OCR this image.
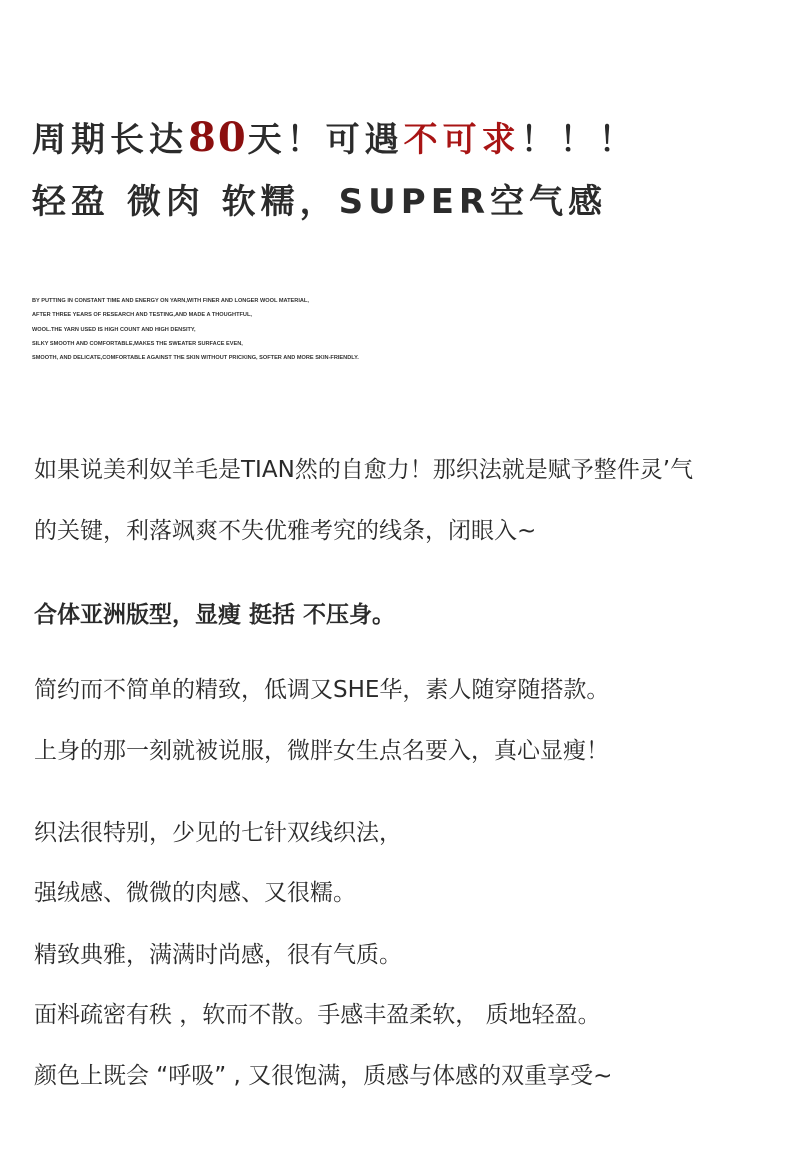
周期长达80天！可遇不可求！！！
轻盈 微肉 软糯，SUPER空气感
BY PUTTING IN CONSTANT TIME AND ENERGY ON YARN,WITH FINER AND LONGER WOOL MATERIAL,
AFTER THREE YEARS OF RESEARCH AND TESTING,AND MADE A THOUGHTFUL,
WOOL.THE YARN USED IS HIGH COUNT AND HIGH DENSITY,
SILKY SMOOTH AND COMFORTABLE,MAKES THE SWEATER SURFACE EVEN,
SMOOTH, AND DELICATE,COMFORTABLE AGAINST THE SKIN WITHOUT PRICKING, SOFTER AND MORE SKIN-FRIENDLY.
如果说美利奴羊毛是TIAN然的自愈力！那织法就是赋予整件灵’气
的关键，利落飒爽不失优雅考究的线条，闭眼入~
合体亚洲版型，显瘦 挺括 不压身。
简约而不简单的精致，低调又SHE华，素人随穿随搭款。
上身的那一刻就被说服，微胖女生点名要入，真心显瘦！
织法很特别，少见的七针双线织法，
强绒感、微微的肉感、又很糯。
精致典雅，满满时尚感，很有气质。
面料疏密有秩 ，软而不散。手感丰盈柔软， 质地轻盈。
颜色上既会 “呼吸” , 又很饱满，质感与体感的双重享受~
